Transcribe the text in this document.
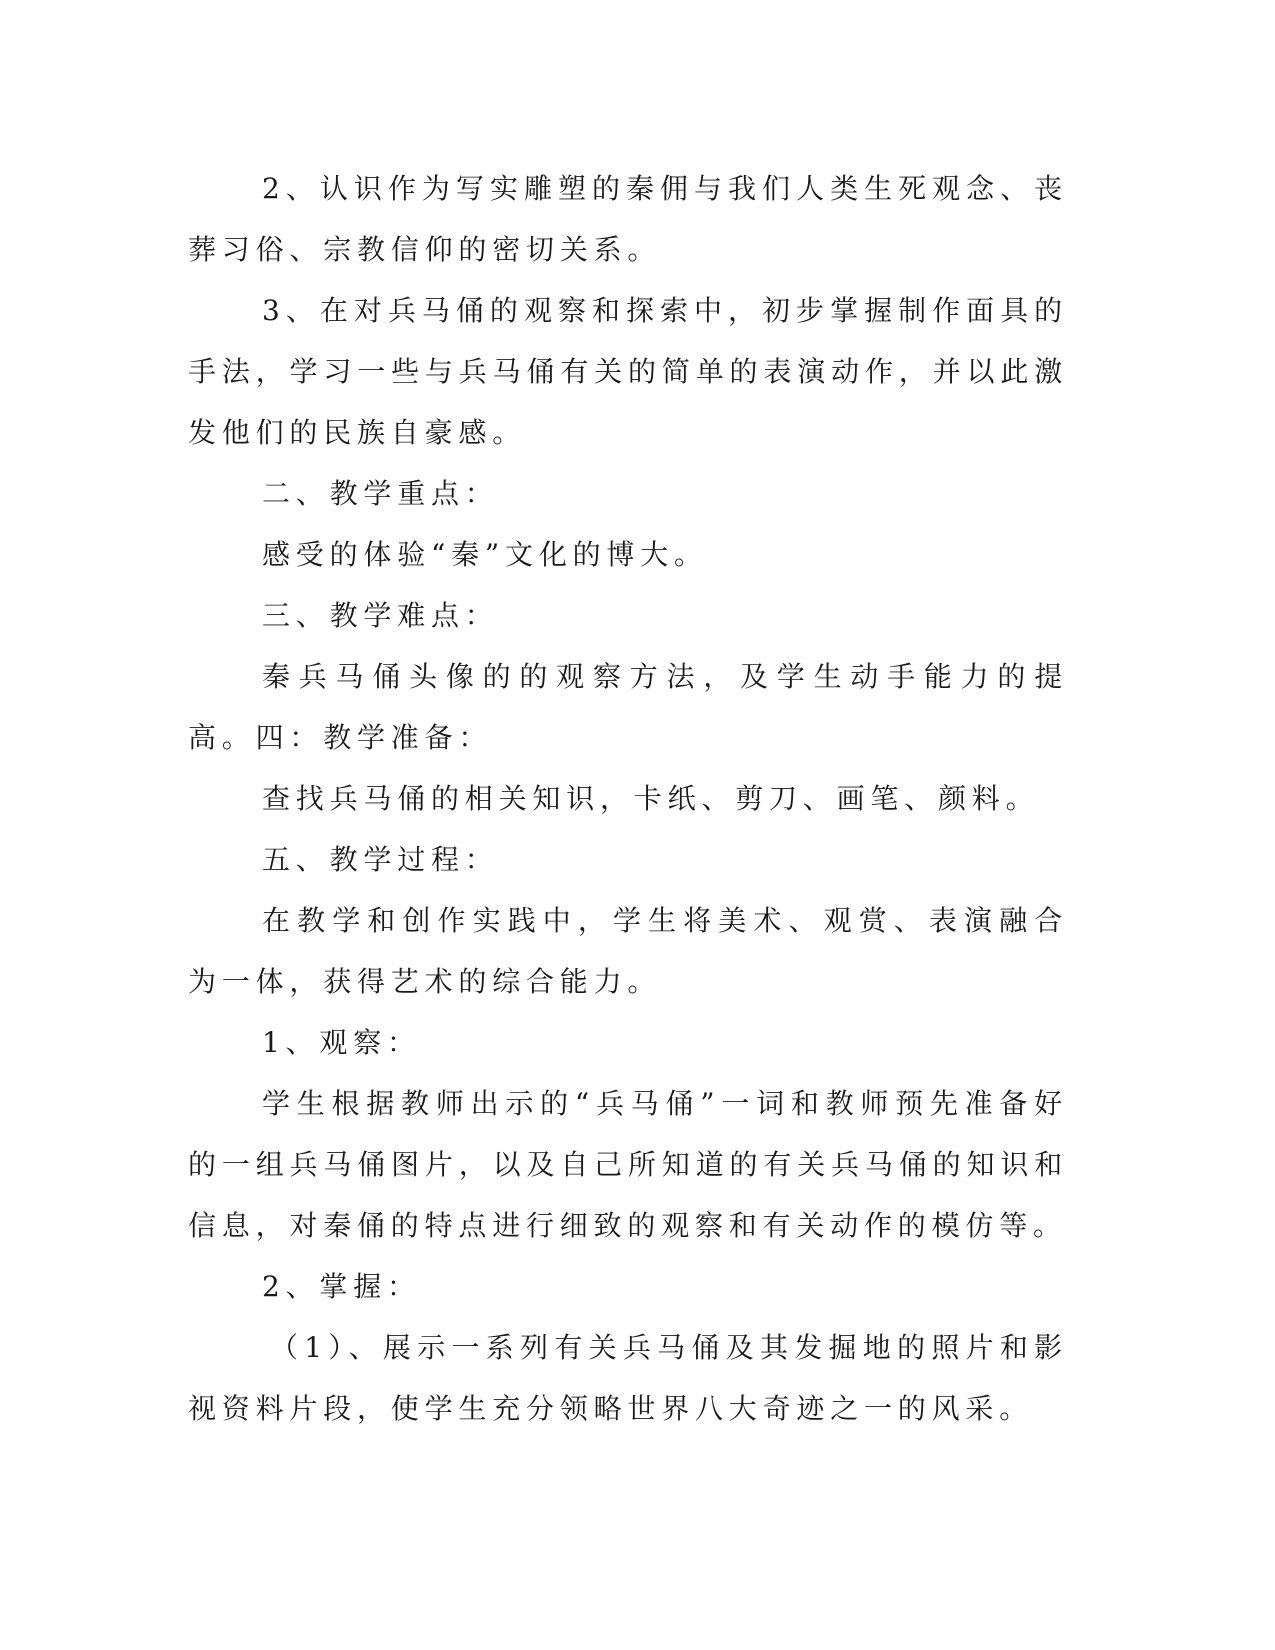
2、认识作为写实雕塑的秦佣与我们人类生死观念、丧葬习俗、宗教信仰的密切关系。

3、在对兵马俑的观察和探索中，初步掌握制作面具的手法，学习一些与兵马俑有关的简单的表演动作，并以此激发他们的民族自豪感。

二、教学重点：

感受的体验“秦”文化的博大。

三、教学难点：

秦兵马俑头像的的观察方法，及学生动手能力的提高。四：教学准备：

查找兵马俑的相关知识，卡纸、剪刀、画笔、颜料。

五、教学过程：

在教学和创作实践中，学生将美术、观赏、表演融合为一体，获得艺术的综合能力。

1、观察：

学生根据教师出示的“兵马俑”一词和教师预先准备好的一组兵马俑图片，以及自己所知道的有关兵马俑的知识和信息，对秦俑的特点进行细致的观察和有关动作的模仿等。

2、掌握：

（1）、展示一系列有关兵马俑及其发掘地的照片和影视资料片段，使学生充分领略世界八大奇迹之一的风采。
